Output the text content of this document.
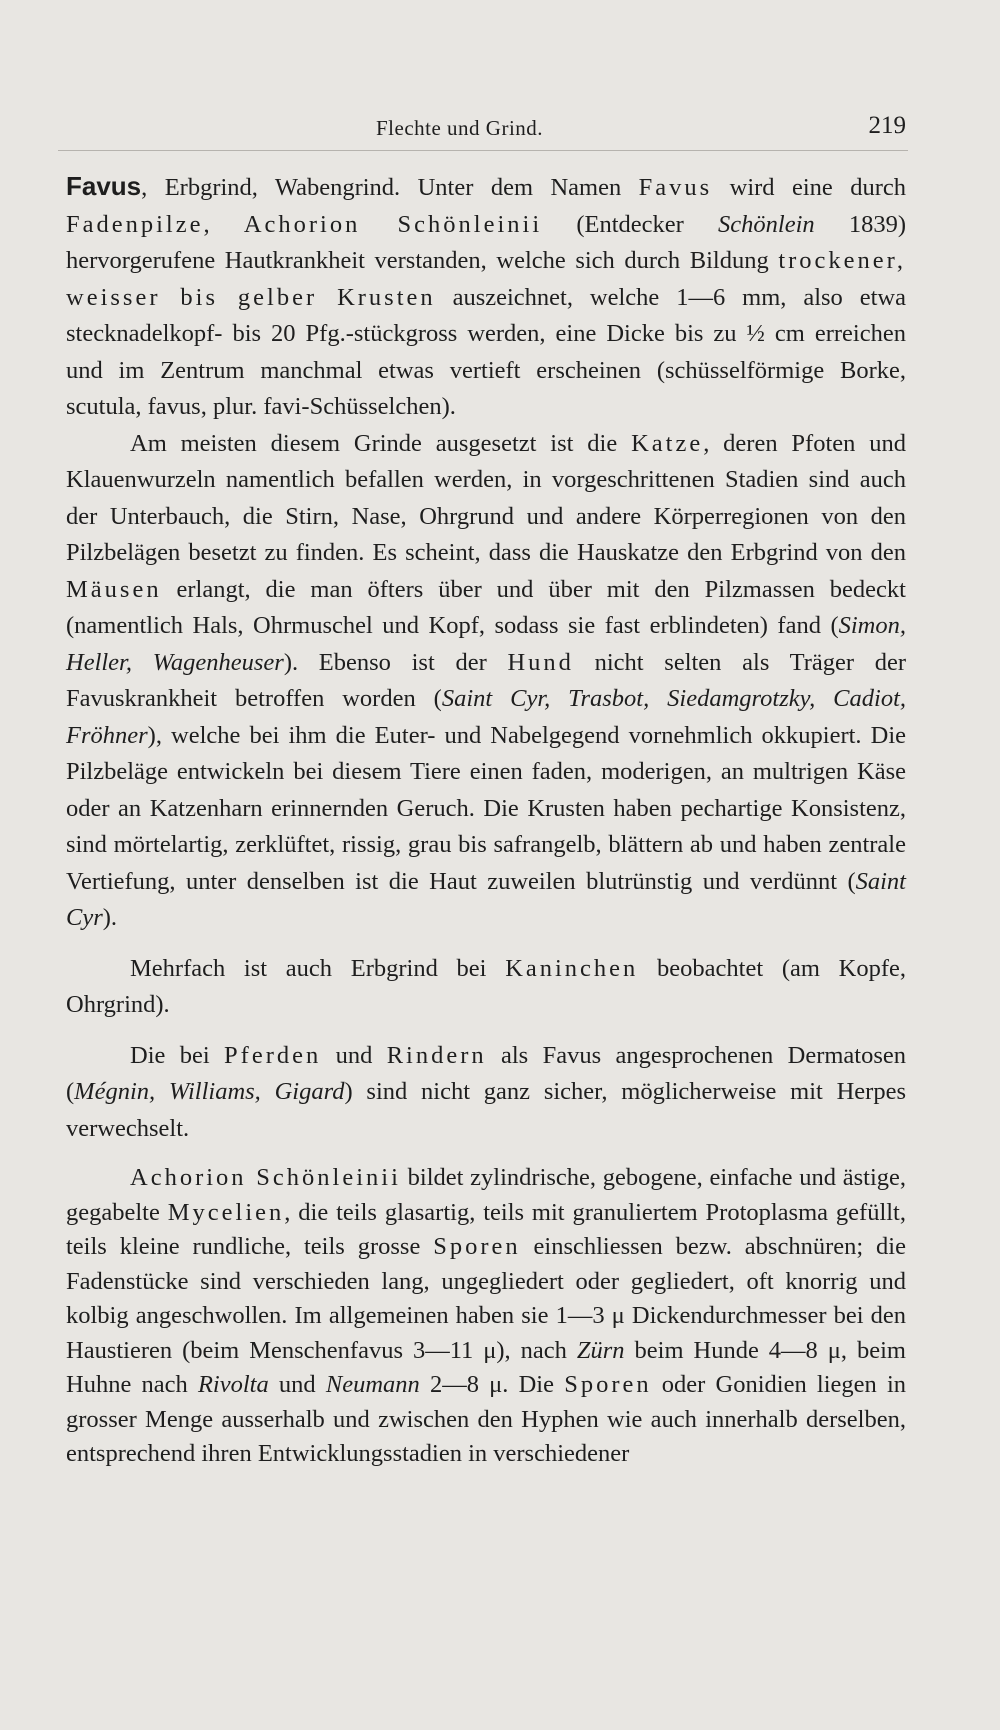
Flechte und Grind.	219

Favus, Erbgrind, Wabengrind. Unter dem Namen Favus wird eine durch Fadenpilze, Achorion Schönleinii (Entdecker Schönlein 1839) hervorgerufene Hautkrankheit verstanden, welche sich durch Bildung trockener, weisser bis gelber Krusten auszeichnet, welche 1—6 mm, also etwa stecknadelkopf- bis 20 Pfg.-stückgross werden, eine Dicke bis zu ½ cm erreichen und im Zentrum manchmal etwas vertieft erscheinen (schüsselförmige Borke, scutula, favus, plur. favi-Schüsselchen).

Am meisten diesem Grinde ausgesetzt ist die Katze, deren Pfoten und Klauenwurzeln namentlich befallen werden, in vorgeschrittenen Stadien sind auch der Unterbauch, die Stirn, Nase, Ohrgrund und andere Körperregionen von den Pilzbelägen besetzt zu finden. Es scheint, dass die Hauskatze den Erbgrind von den Mäusen erlangt, die man öfters über und über mit den Pilzmassen bedeckt (namentlich Hals, Ohrmuschel und Kopf, sodass sie fast erblindeten) fand (Simon, Heller, Wagenheuser). Ebenso ist der Hund nicht selten als Träger der Favuskrankheit betroffen worden (Saint Cyr, Trasbot, Siedamgrotzky, Cadiot, Fröhner), welche bei ihm die Euter- und Nabelgegend vornehmlich okkupiert. Die Pilzbeläge entwickeln bei diesem Tiere einen faden, moderigen, an multrigen Käse oder an Katzenharn erinnernden Geruch. Die Krusten haben pechartige Konsistenz, sind mörtelartig, zerklüftet, rissig, grau bis safrangelb, blättern ab und haben zentrale Vertiefung, unter denselben ist die Haut zuweilen blutrünstig und verdünnt (Saint Cyr).

Mehrfach ist auch Erbgrind bei Kaninchen beobachtet (am Kopfe, Ohrgrind).

Die bei Pferden und Rindern als Favus angesprochenen Dermatosen (Mégnin, Williams, Gigard) sind nicht ganz sicher, möglicherweise mit Herpes verwechselt.

Achorion Schönleinii bildet zylindrische, gebogene, einfache und ästige, gegabelte Mycelien, die teils glasartig, teils mit granuliertem Protoplasma gefüllt, teils kleine rundliche, teils grosse Sporen einschliessen bezw. abschnüren; die Fadenstücke sind verschieden lang, ungegliedert oder gegliedert, oft knorrig und kolbig angeschwollen. Im allgemeinen haben sie 1—3 μ Dickendurchmesser bei den Haustieren (beim Menschenfavus 3—11 μ), nach Zürn beim Hunde 4—8 μ, beim Huhne nach Rivolta und Neumann 2—8 μ. Die Sporen oder Gonidien liegen in grosser Menge ausserhalb und zwischen den Hyphen wie auch innerhalb derselben, entsprechend ihren Entwicklungsstadien in verschiedener
